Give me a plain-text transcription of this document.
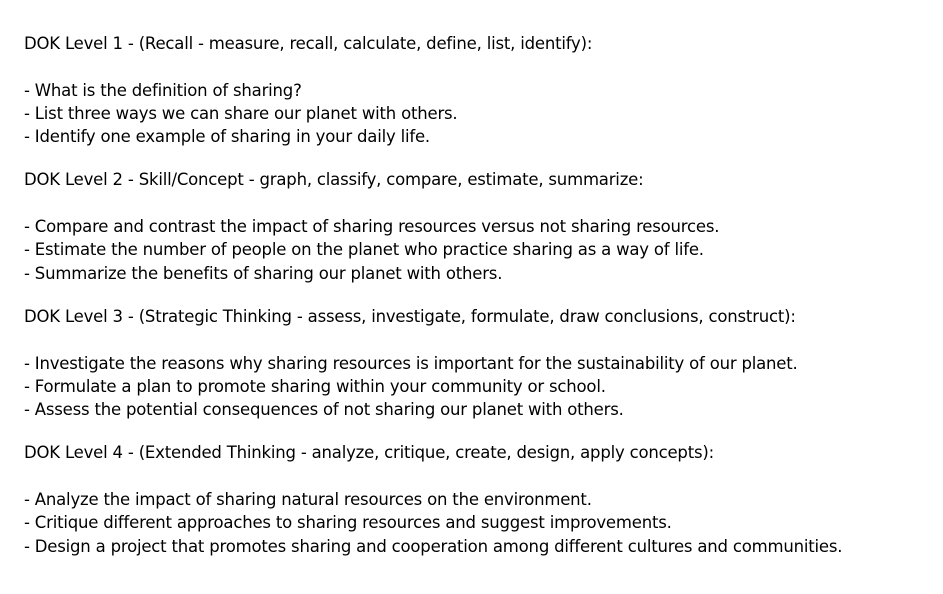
DOK Level 1 - (Recall - measure, recall, calculate, define, list, identify):
- What is the definition of sharing?
- List three ways we can share our planet with others.
- Identify one example of sharing in your daily life.
DOK Level 2 - Skill/Concept - graph, classify, compare, estimate, summarize:
- Compare and contrast the impact of sharing resources versus not sharing resources.
- Estimate the number of people on the planet who practice sharing as a way of life.
- Summarize the benefits of sharing our planet with others.
DOK Level 3 - (Strategic Thinking - assess, investigate, formulate, draw conclusions, construct):
- Investigate the reasons why sharing resources is important for the sustainability of our planet.
- Formulate a plan to promote sharing within your community or school.
- Assess the potential consequences of not sharing our planet with others.
DOK Level 4 - (Extended Thinking - analyze, critique, create, design, apply concepts):
- Analyze the impact of sharing natural resources on the environment.
- Critique different approaches to sharing resources and suggest improvements.
- Design a project that promotes sharing and cooperation among different cultures and communities.
